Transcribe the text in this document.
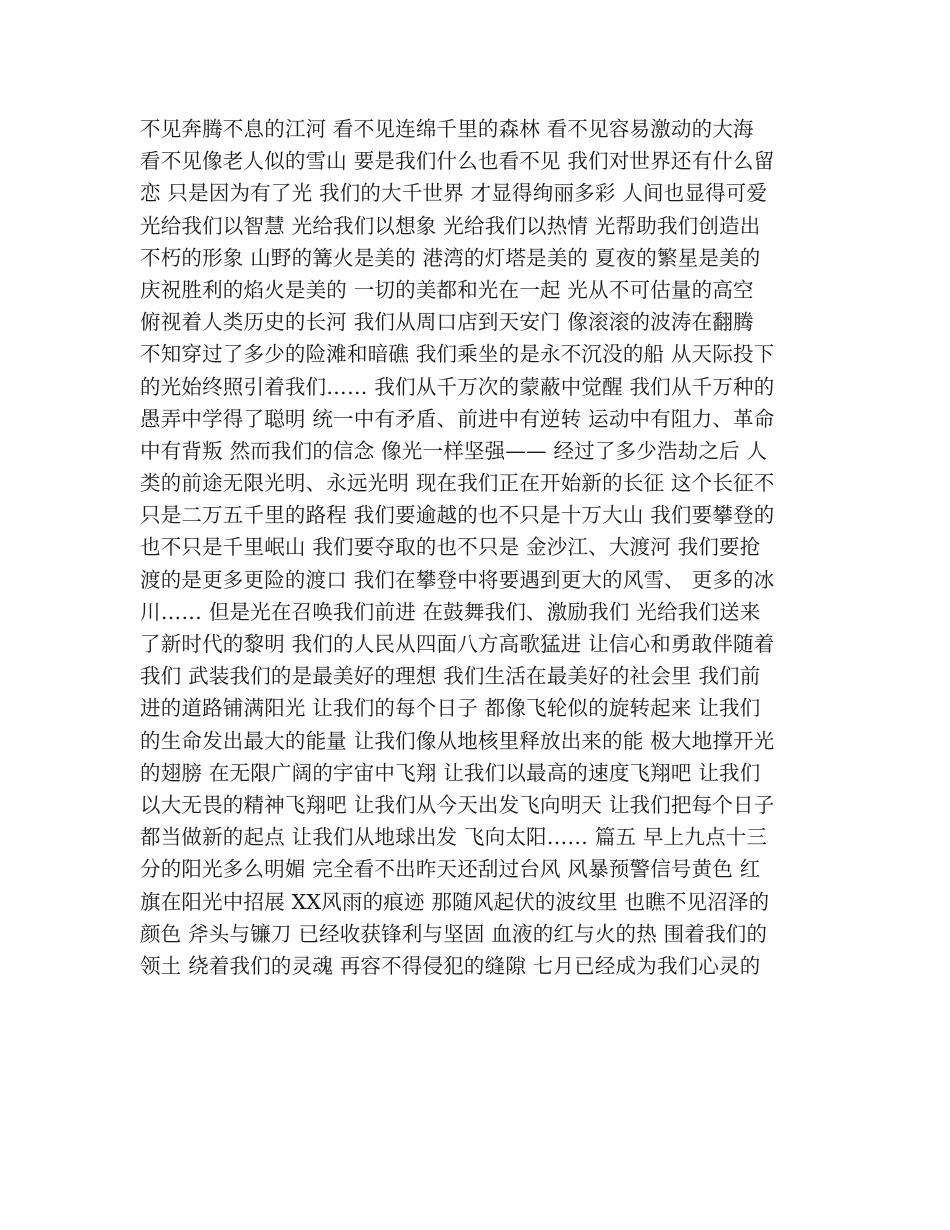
不见奔腾不息的江河 看不见连绵千里的森林 看不见容易激动的大海
看不见像老人似的雪山 要是我们什么也看不见 我们对世界还有什么留
恋 只是因为有了光 我们的大千世界 才显得绚丽多彩 人间也显得可爱
光给我们以智慧 光给我们以想象 光给我们以热情 光帮助我们创造出
不朽的形象 山野的篝火是美的 港湾的灯塔是美的 夏夜的繁星是美的
庆祝胜利的焰火是美的 一切的美都和光在一起 光从不可估量的高空
俯视着人类历史的长河 我们从周口店到天安门 像滚滚的波涛在翻腾
不知穿过了多少的险滩和暗礁 我们乘坐的是永不沉没的船 从天际投下
的光始终照引着我们…… 我们从千万次的蒙蔽中觉醒 我们从千万种的
愚弄中学得了聪明 统一中有矛盾、前进中有逆转 运动中有阻力、革命
中有背叛 然而我们的信念 像光一样坚强—— 经过了多少浩劫之后 人
类的前途无限光明、永远光明 现在我们正在开始新的长征 这个长征不
只是二万五千里的路程 我们要逾越的也不只是十万大山 我们要攀登的
也不只是千里岷山 我们要夺取的也不只是 金沙江、大渡河 我们要抢
渡的是更多更险的渡口 我们在攀登中将要遇到更大的风雪、 更多的冰
川…… 但是光在召唤我们前进 在鼓舞我们、激励我们 光给我们送来
了新时代的黎明 我们的人民从四面八方高歌猛进 让信心和勇敢伴随着
我们 武装我们的是最美好的理想 我们生活在最美好的社会里 我们前
进的道路铺满阳光 让我们的每个日子 都像飞轮似的旋转起来 让我们
的生命发出最大的能量 让我们像从地核里释放出来的能 极大地撑开光
的翅膀 在无限广阔的宇宙中飞翔 让我们以最高的速度飞翔吧 让我们
以大无畏的精神飞翔吧 让我们从今天出发飞向明天 让我们把每个日子
都当做新的起点 让我们从地球出发 飞向太阳…… 篇五 早上九点十三
分的阳光多么明媚 完全看不出昨天还刮过台风 风暴预警信号黄色 红
旗在阳光中招展 XX风雨的痕迹 那随风起伏的波纹里 也瞧不见沼泽的
颜色 斧头与镰刀 已经收获锋利与坚固 血液的红与火的热 围着我们的
领土 绕着我们的灵魂 再容不得侵犯的缝隙 七月已经成为我们心灵的
